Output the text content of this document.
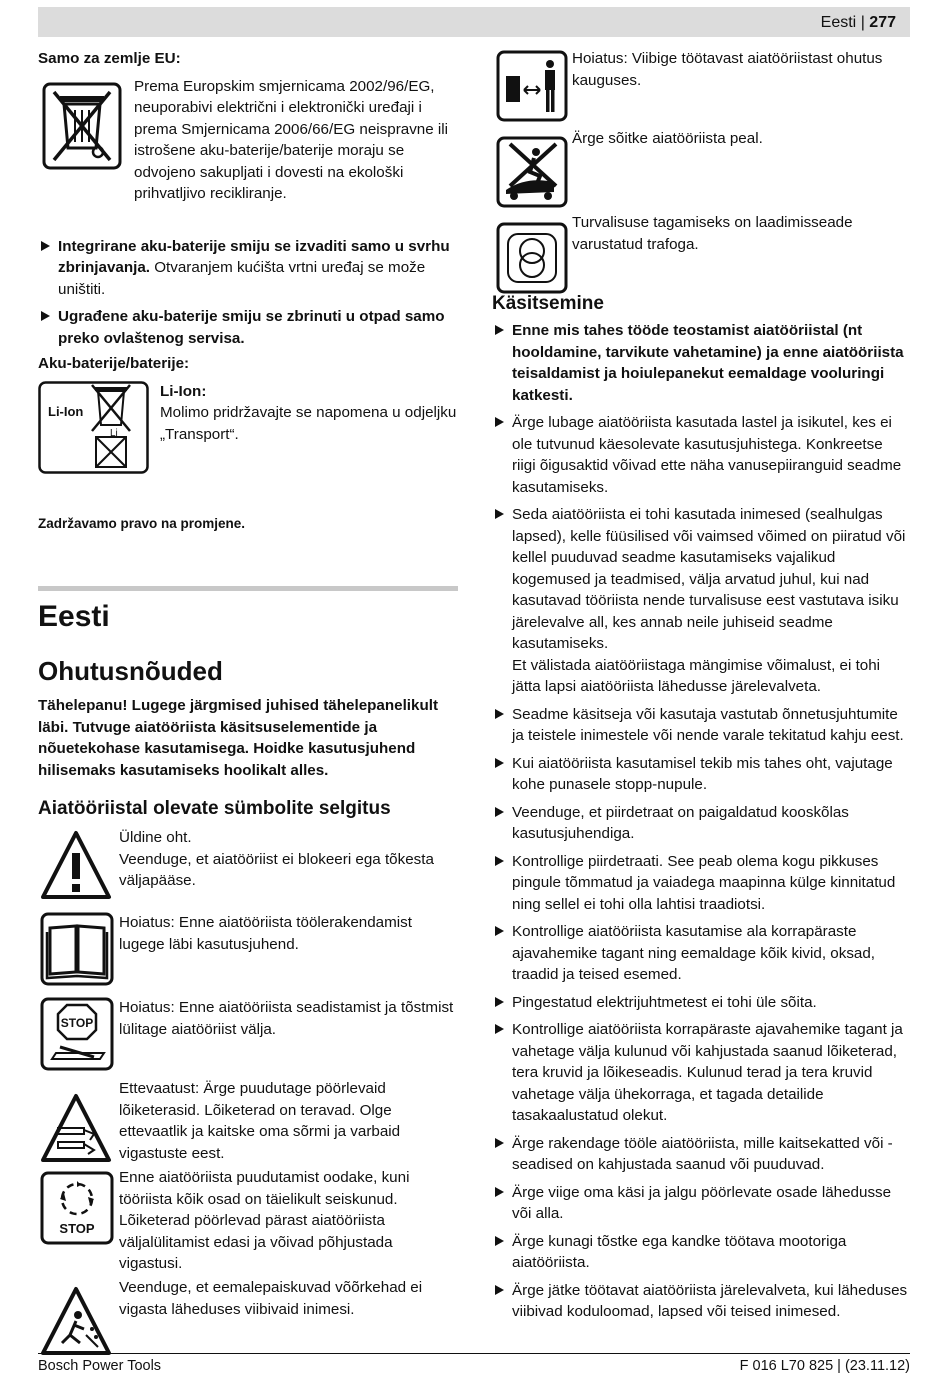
Eesti | 277

Samo za zemlje EU:

Prema Europskim smjernicama 2002/96/EG, neuporabivi električni i elektronički uređaji i prema Smjernicama 2006/66/EG neispravne ili istrošene aku-baterije/baterije moraju se odvojeno sakupljati i dovesti na ekološki prihvatljivo recikliranje.

Integrirane aku-baterije smiju se izvaditi samo u svrhu zbrinjavanja. Otvaranjem kućišta vrtni uređaj se može uništiti.
Ugrađene aku-baterije smiju se zbrinuti u otpad samo preko ovlaštenog servisa.

Aku-baterije/baterije:

Li-Ion
Li

Li-Ion:

Molimo pridržavajte se napomena u odjeljku „Transport“.

Zadržavamo pravo na promjene.

Eesti
Ohutusnõuded

Tähelepanu! Lugege järgmised juhised tähelepanelikult läbi. Tutvuge aiatööriista käsitsuselementide ja nõuetekohase kasutamisega. Hoidke kasutusjuhend hilisemaks kasutamiseks hoolikalt alles.

Aiatööriistal olevate sümbolite selgitus

Üldine oht.

Veenduge, et aiatööriist ei blokeeri ega tõkesta väljapääse.

Hoiatus: Enne aiatööriista töölerakendamist lugege läbi kasutusjuhend.

STOP

Hoiatus: Enne aiatööriista seadistamist ja tõstmist lülitage aiatööriist välja.

Ettevaatust: Ärge puudutage pöörlevaid lõiketerasid. Lõiketerad on teravad. Olge ettevaatlik ja kaitske oma sõrmi ja varbaid vigastuste eest.

STOP

Enne aiatööriista puudutamist oodake, kuni tööriista kõik osad on täielikult seiskunud. Lõiketerad pöörlevad pärast aiatööriista väljalülitamist edasi ja võivad põhjustada vigastusi.

Veenduge, et eemalepaiskuvad võõrkehad ei vigasta läheduses viibivaid inimesi.

Hoiatus: Viibige töötavast aiatööriistast ohutus kauguses.

Ärge sõitke aiatööriista peal.

Turvalisuse tagamiseks on laadimisseade varustatud trafoga.

Käsitsemine
Enne mis tahes tööde teostamist aiatööriistal (nt hooldamine, tarvikute vahetamine) ja enne aiatööriista teisaldamist ja hoiulepanekut eemaldage vooluringi katkesti.
Ärge lubage aiatööriista kasutada lastel ja isikutel, kes ei ole tutvunud käesolevate kasutusjuhistega. Konkreetse riigi õigusaktid võivad ette näha vanusepiiranguid seadme kasutamiseks.
Seda aiatööriista ei tohi kasutada inimesed (sealhulgas lapsed), kelle füüsilised või vaimsed võimed on piiratud või kellel puuduvad seadme kasutamiseks vajalikud kogemused ja teadmised, välja arvatud juhul, kui nad kasutavad tööriista nende turvalisuse eest vastutava isiku järelevalve all, kes annab neile juhiseid seadme kasutamiseks.
Et välistada aiatööriistaga mängimise võimalust, ei tohi jätta lapsi aiatööriista lähedusse järelevalveta.
Seadme käsitseja või kasutaja vastutab õnnetusjuhtumite ja teistele inimestele või nende varale tekitatud kahju eest.
Kui aiatööriista kasutamisel tekib mis tahes oht, vajutage kohe punasele stopp-nupule.
Veenduge, et piirdetraat on paigaldatud kooskõlas kasutusjuhendiga.
Kontrollige piirdetraati. See peab olema kogu pikkuses pingule tõmmatud ja vaiadega maapinna külge kinnitatud ning sellel ei tohi olla lahtisi traadiotsi.
Kontrollige aiatööriista kasutamise ala korrapäraste ajavahemike tagant ning eemaldage kõik kivid, oksad, traadid ja teised esemed.
Pingestatud elektrijuhtmetest ei tohi üle sõita.
Kontrollige aiatööriista korrapäraste ajavahemike tagant ja vahetage välja kulunud või kahjustada saanud lõiketerad, tera kruvid ja lõikeseadis. Kulunud terad ja tera kruvid vahetage välja ühekorraga, et tagada detailide tasakaalustatud olekut.
Ärge rakendage tööle aiatööriista, mille kaitsekatted või - seadised on kahjustada saanud või puuduvad.
Ärge viige oma käsi ja jalgu pöörlevate osade lähedusse või alla.
Ärge kunagi tõstke ega kandke töötava mootoriga aiatööriista.
Ärge jätke töötavat aiatööriista järelevalveta, kui läheduses viibivad koduloomad, lapsed või teised inimesed.
Bosch Power Tools	F 016 L70 825 | (23.11.12)
